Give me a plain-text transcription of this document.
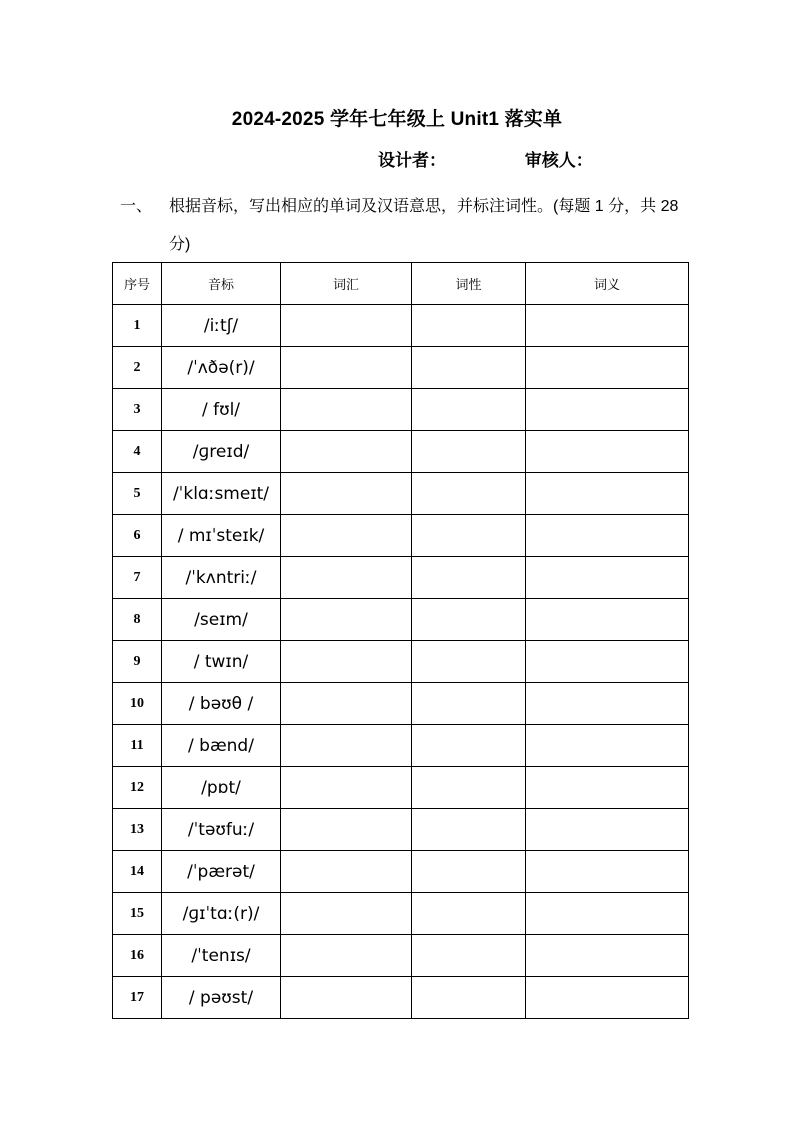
2024-2025 学年七年级上 Unit1 落实单
设计者：	审核人：
一、 根据音标，写出相应的单词及汉语意思，并标注词性。(每题 1 分，共 28 分)
序号	音标	词汇	词性	词义
1	/iːtʃ/			
2	/ˈʌðə(r)/			
3	/ fʊl/			
4	/ɡreɪd/			
5	/ˈklɑːsmeɪt/			
6	/ mɪˈsteɪk/			
7	/ˈkʌntriː/			
8	/seɪm/			
9	/ twɪn/			
10	/ bəʊθ /			
11	/ bænd/			
12	/pɒt/			
13	/ˈtəʊfuː/			
14	/ˈpærət/			
15	/ɡɪˈtɑː(r)/			
16	/ˈtenɪs/			
17	/ pəʊst/			
